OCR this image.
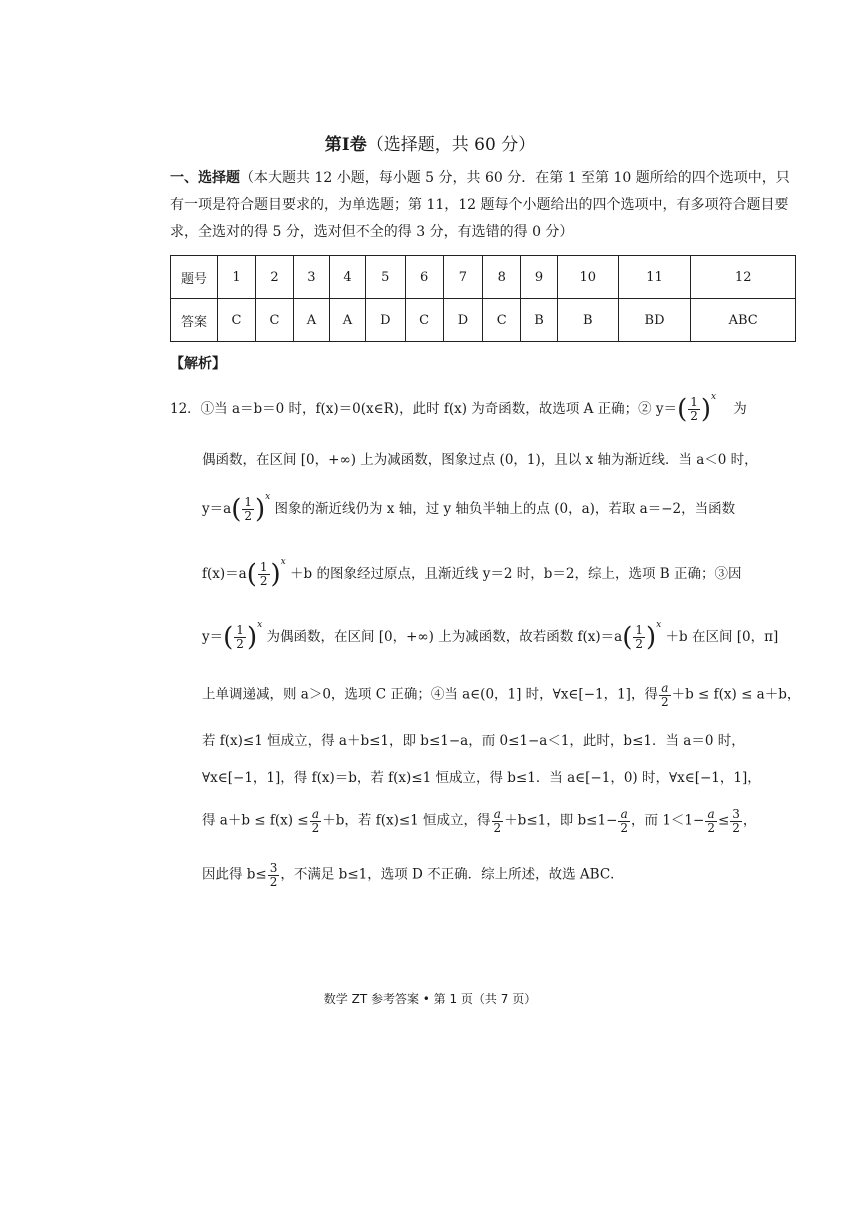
第Ⅰ卷（选择题，共 60 分）
一、选择题（本大题共 12 小题，每小题 5 分，共 60 分．在第 1 至第 10 题所给的四个选项中，只有一项是符合题目要求的，为单选题；第 11，12 题每个小题给出的四个选项中，有多项符合题目要求，全选对的得 5 分，选对但不全的得 3 分，有选错的得 0 分）
题号	1	2	3	4	5	6	7	8	9	10	11	12
答案	C	C	A	A	D	C	D	C	B	B	BD	ABC
【解析】
12．①当 a＝b＝0 时，f(x)＝0(x∈R)，此时 f(x) 为奇函数，故选项 A 正确；② $y=( \frac{1}{2} )^x$    为
偶函数，在区间 [0，+∞) 上为减函数，图象过点 (0，1)，且以 x 轴为渐近线．当 a＜0 时，
$y=a( \frac{1}{2} )^x$ 图象的渐近线仍为 x 轴，过 y 轴负半轴上的点 (0，a)，若取 a＝−2，当函数
$f(x)=a( \frac{1}{2} )^x +b$ 的图象经过原点，且渐近线 y＝2 时，b＝2，综上，选项 B 正确；③因
$y=( \frac{1}{2} )^x$ 为偶函数，在区间 [0，+∞) 上为减函数，故若函数 $f(x)=a( \frac{1}{2} )^x +b$ 在区间 [0，π]
上单调递减，则 a＞0，选项 C 正确；④当 a∈(0，1] 时，∀x∈[−1，1]，得 $\frac{a}{2} +b \le f(x) \le a+b$，
若 f(x)≤1 恒成立，得 a＋b≤1，即 b≤1−a，而 0≤1−a＜1，此时，b≤1．当 a＝0 时，
∀x∈[−1，1]，得 f(x)＝b，若 f(x)≤1 恒成立，得 b≤1．当 a∈[−1，0) 时，∀x∈[−1，1]，
得 $a+b \le f(x) \le \frac{a}{2} +b$，若 f(x)≤1 恒成立，得 $\frac{a}{2} +b\le 1$，即 $b\le 1- \frac{a}{2}$ ，而 $1<1- \frac{a}{2} \le \frac{3}{2}$ ，
因此得 $b\le \frac{3}{2}$ ，不满足 b≤1，选项 D 不正确．综上所述，故选 ABC．
数学 ZT 参考答案 • 第 1 页（共 7 页）
